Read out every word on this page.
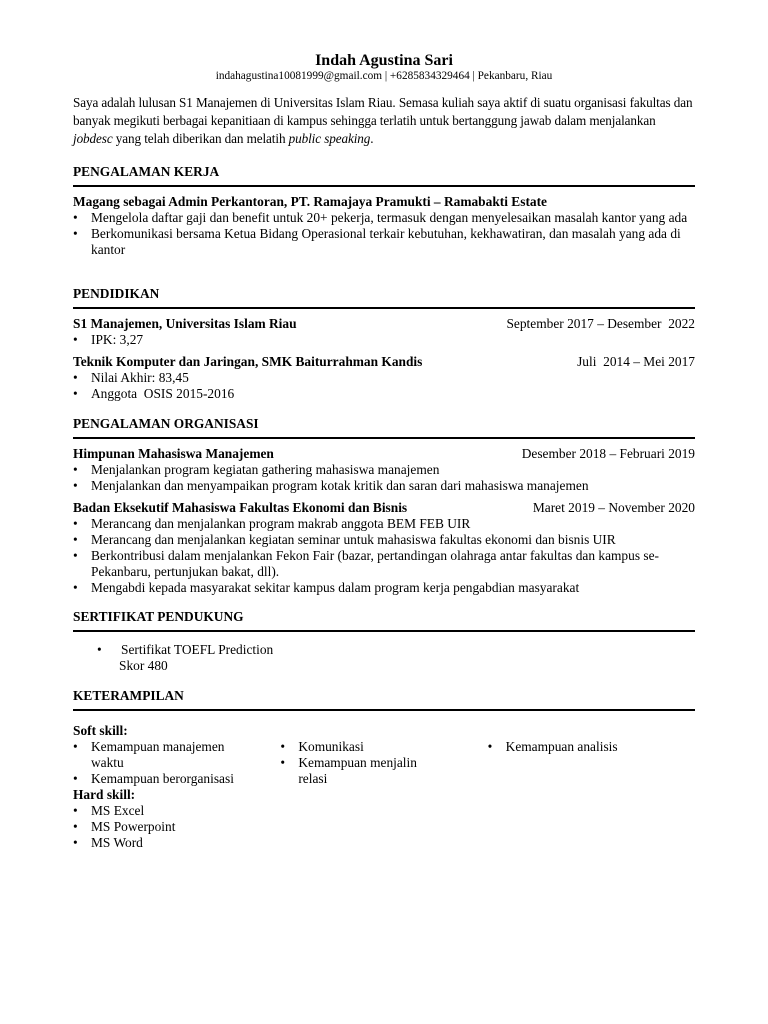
Indah Agustina Sari
indahagustina10081999@gmail.com | +6285834329464 | Pekanbaru, Riau
Saya adalah lulusan S1 Manajemen di Universitas Islam Riau. Semasa kuliah saya aktif di suatu organisasi fakultas dan banyak megikuti berbagai kepanitiaan di kampus sehingga terlatih untuk bertanggung jawab dalam menjalankan jobdesc yang telah diberikan dan melatih public speaking.
PENGALAMAN KERJA
Magang sebagai Admin Perkantoran, PT. Ramajaya Pramukti – Ramabakti Estate
• Mengelola daftar gaji dan benefit untuk 20+ pekerja, termasuk dengan menyelesaikan masalah kantor yang ada
• Berkomunikasi bersama Ketua Bidang Operasional terkair kebutuhan, kekhawatiran, dan masalah yang ada di kantor
PENDIDIKAN
S1 Manajemen, Universitas Islam Riau	September 2017 – Desember  2022
• IPK: 3,27
Teknik Komputer dan Jaringan, SMK Baiturrahman Kandis	Juli  2014 – Mei 2017
• Nilai Akhir: 83,45
• Anggota  OSIS 2015-2016
PENGALAMAN ORGANISASI
Himpunan Mahasiswa Manajemen	Desember 2018 – Februari 2019
• Menjalankan program kegiatan gathering mahasiswa manajemen
• Menjalankan dan menyampaikan program kotak kritik dan saran dari mahasiswa manajemen
Badan Eksekutif Mahasiswa Fakultas Ekonomi dan Bisnis	Maret 2019 – November 2020
• Merancang dan menjalankan program makrab anggota BEM FEB UIR
• Merancang dan menjalankan kegiatan seminar untuk mahasiswa fakultas ekonomi dan bisnis UIR
• Berkontribusi dalam menjalankan Fekon Fair (bazar, pertandingan olahraga antar fakultas dan kampus se-Pekanbaru, pertunjukan bakat, dll).
• Mengabdi kepada masyarakat sekitar kampus dalam program kerja pengabdian masyarakat
SERTIFIKAT PENDUKUNG
• Sertifikat TOEFL Prediction
Skor 480
KETERAMPILAN
Soft skill:
• Kemampuan manajemen waktu
• Kemampuan berorganisasi
• Komunikasi
• Kemampuan menjalin relasi
• Kemampuan analisis
Hard skill:
• MS Excel
• MS Powerpoint
• MS Word
